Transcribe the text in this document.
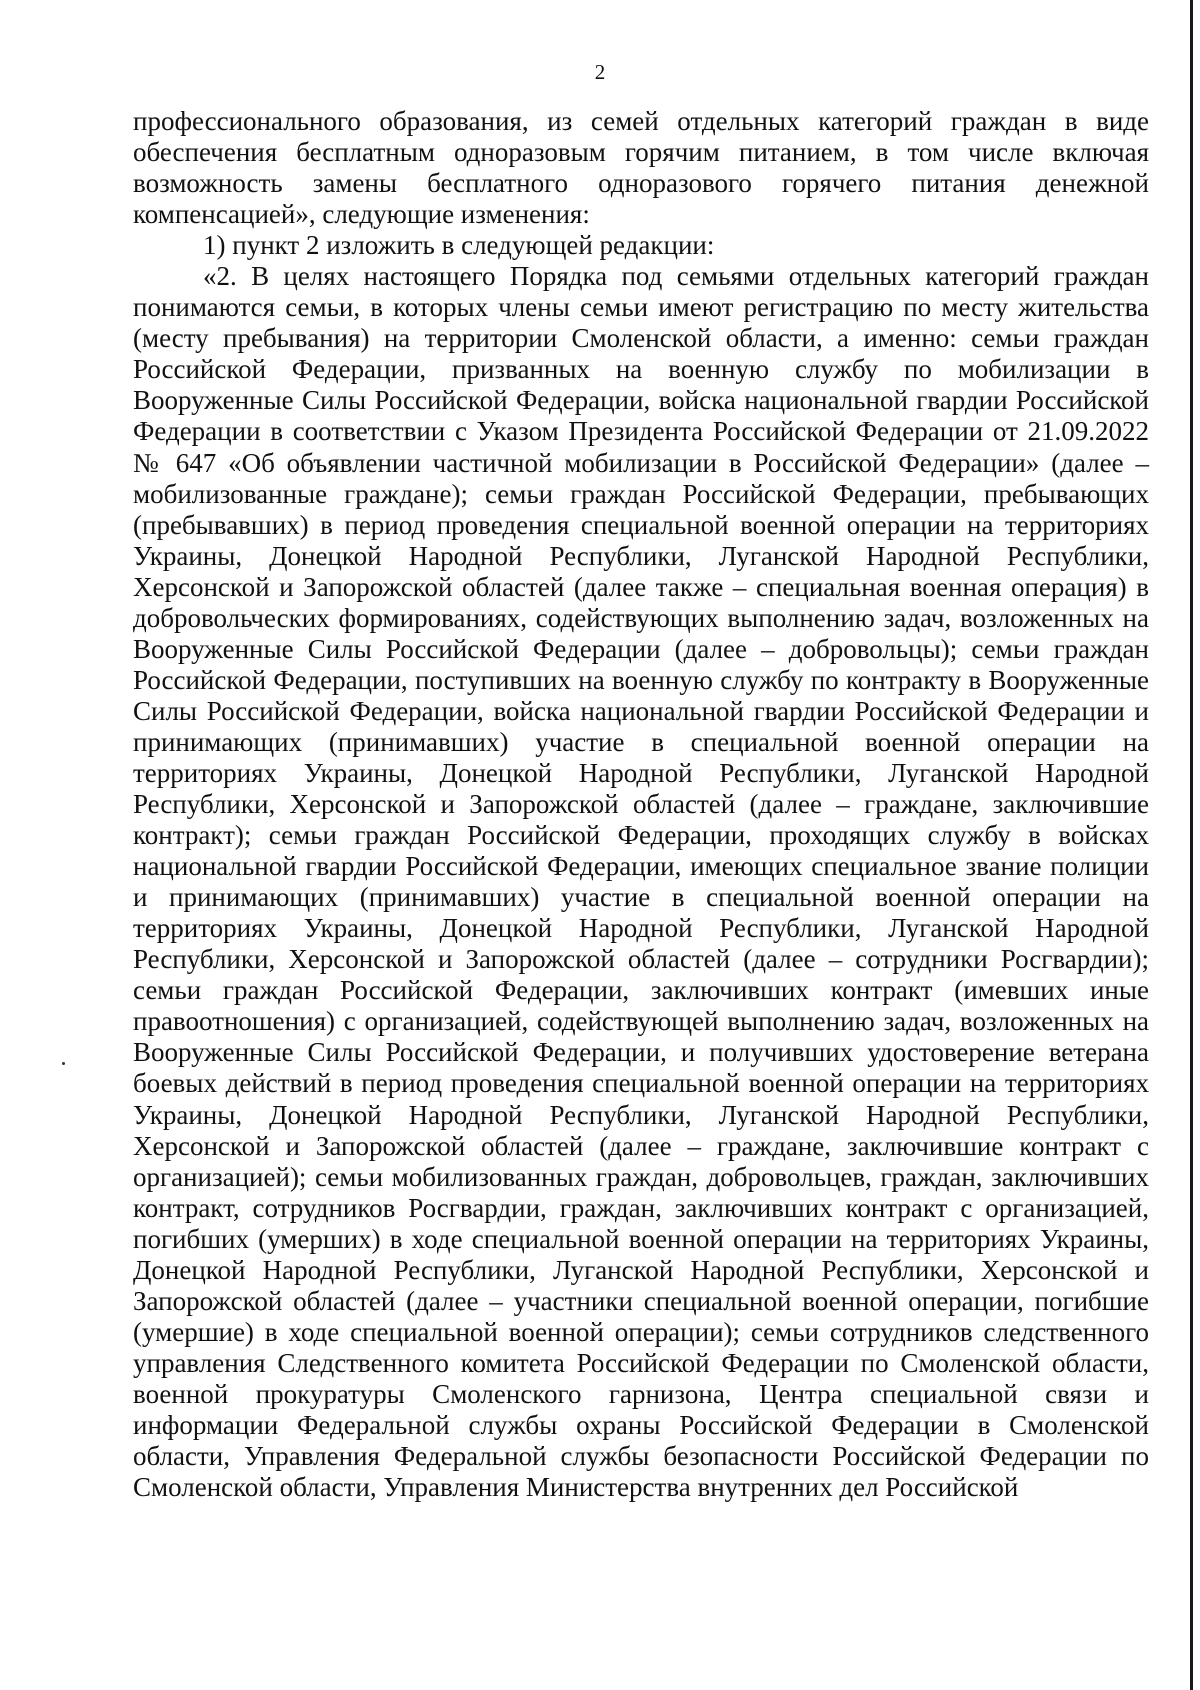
2

профессионального образования, из семей отдельных категорий граждан в виде обеспечения бесплатным одноразовым горячим питанием, в том числе включая возможность замены бесплатного одноразового горячего питания денежной компенсацией», следующие изменения:

1) пункт 2 изложить в следующей редакции:

«2. В целях настоящего Порядка под семьями отдельных категорий граждан понимаются семьи, в которых члены семьи имеют регистрацию по месту жительства (месту пребывания) на территории Смоленской области, а именно: семьи граждан Российской Федерации, призванных на военную службу по мобилизации в Вооруженные Силы Российской Федерации, войска национальной гвардии Российской Федерации в соответствии с Указом Президента Российской Федерации от 21.09.2022 № 647 «Об объявлении частичной мобилизации в Российской Федерации» (далее – мобилизованные граждане); семьи граждан Российской Федерации, пребывающих (пребывавших) в период проведения специальной военной операции на территориях Украины, Донецкой Народной Республики, Луганской Народной Республики, Херсонской и Запорожской областей (далее также – специальная военная операция) в добровольческих формированиях, содействующих выполнению задач, возложенных на Вооруженные Силы Российской Федерации (далее – добровольцы); семьи граждан Российской Федерации, поступивших на военную службу по контракту в Вооруженные Силы Российской Федерации, войска национальной гвардии Российской Федерации и принимающих (принимавших) участие в специальной военной операции на территориях Украины, Донецкой Народной Республики, Луганской Народной Республики, Херсонской и Запорожской областей (далее – граждане, заключившие контракт); семьи граждан Российской Федерации, проходящих службу в войсках национальной гвардии Российской Федерации, имеющих специальное звание полиции и принимающих (принимавших) участие в специальной военной операции на территориях Украины, Донецкой Народной Республики, Луганской Народной Республики, Херсонской и Запорожской областей (далее – сотрудники Росгвардии); семьи граждан Российской Федерации, заключивших контракт (имевших иные правоотношения) с организацией, содействующей выполнению задач, возложенных на Вооруженные Силы Российской Федерации, и получивших удостоверение ветерана боевых действий в период проведения специальной военной операции на территориях Украины, Донецкой Народной Республики, Луганской Народной Республики, Херсонской и Запорожской областей (далее – граждане, заключившие контракт с организацией); семьи мобилизованных граждан, добровольцев, граждан, заключивших контракт, сотрудников Росгвардии, граждан, заключивших контракт с организацией, погибших (умерших) в ходе специальной военной операции на территориях Украины, Донецкой Народной Республики, Луганской Народной Республики, Херсонской и Запорожской областей (далее – участники специальной военной операции, погибшие (умершие) в ходе специальной военной операции); семьи сотрудников следственного управления Следственного комитета Российской Федерации по Смоленской области, военной прокуратуры Смоленского гарнизона, Центра специальной связи и информации Федеральной службы охраны Российской Федерации в Смоленской области, Управления Федеральной службы безопасности Российской Федерации по Смоленской области, Управления Министерства внутренних дел Российской
